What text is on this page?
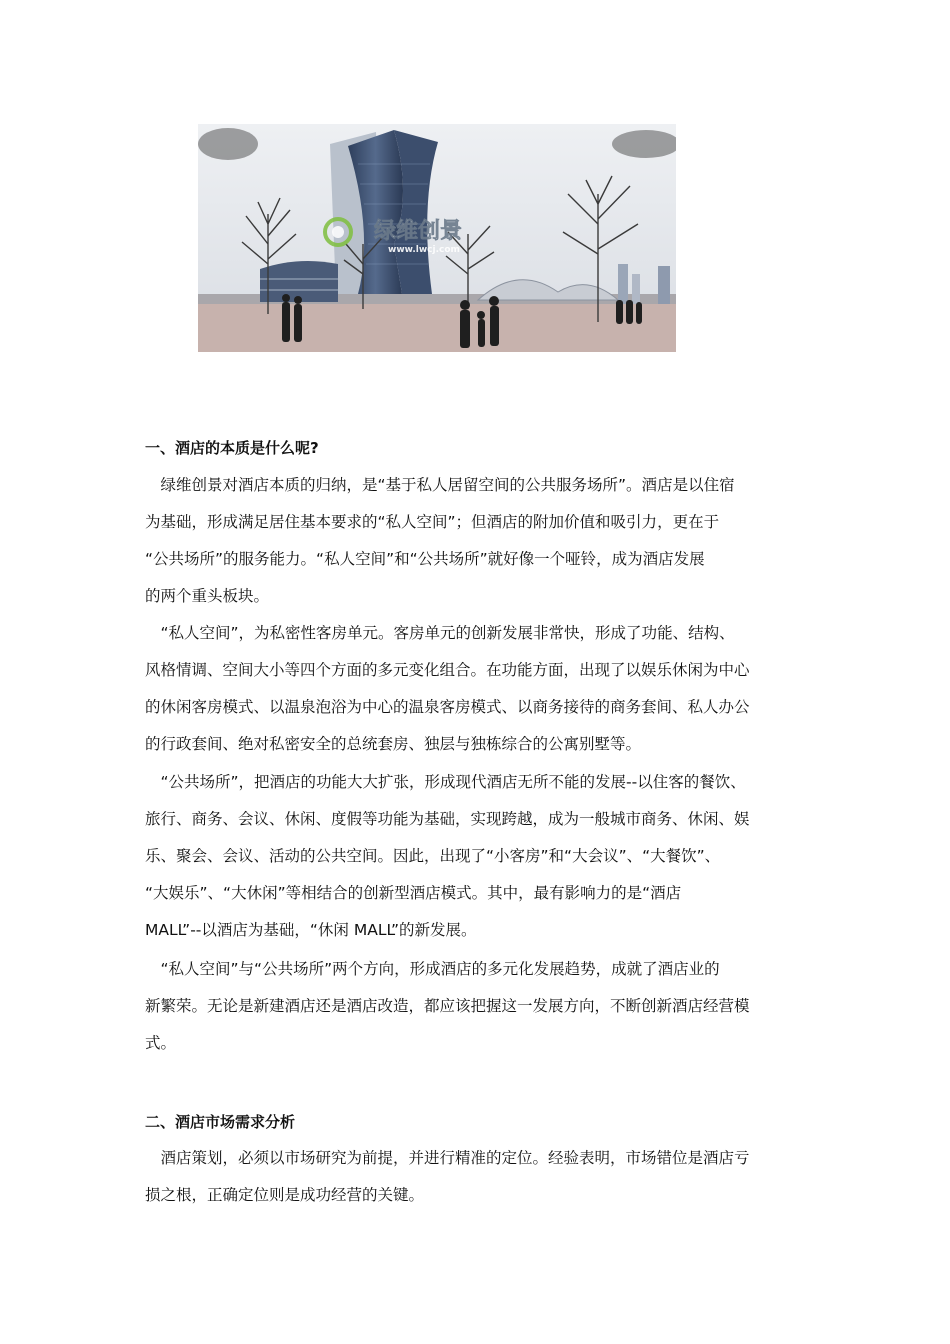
绿维创景
www.lwcj.com
一、酒店的本质是什么呢?
　绿维创景对酒店本质的归纳，是“基于私人居留空间的公共服务场所”。酒店是以住宿
为基础，形成满足居住基本要求的“私人空间”；但酒店的附加价值和吸引力，更在于
“公共场所”的服务能力。“私人空间”和“公共场所”就好像一个哑铃，成为酒店发展
的两个重头板块。
　“私人空间”，为私密性客房单元。客房单元的创新发展非常快，形成了功能、结构、
风格情调、空间大小等四个方面的多元变化组合。在功能方面，出现了以娱乐休闲为中心
的休闲客房模式、以温泉泡浴为中心的温泉客房模式、以商务接待的商务套间、私人办公
的行政套间、绝对私密安全的总统套房、独层与独栋综合的公寓别墅等。
　“公共场所”，把酒店的功能大大扩张，形成现代酒店无所不能的发展--以住客的餐饮、
旅行、商务、会议、休闲、度假等功能为基础，实现跨越，成为一般城市商务、休闲、娱
乐、聚会、会议、活动的公共空间。因此，出现了“小客房”和“大会议”、“大餐饮”、
“大娱乐”、“大休闲”等相结合的创新型酒店模式。其中，最有影响力的是“酒店
MALL”--以酒店为基础，“休闲 MALL”的新发展。
　“私人空间”与“公共场所”两个方向，形成酒店的多元化发展趋势，成就了酒店业的
新繁荣。无论是新建酒店还是酒店改造，都应该把握这一发展方向，不断创新酒店经营模
式。
二、酒店市场需求分析
　酒店策划，必须以市场研究为前提，并进行精准的定位。经验表明，市场错位是酒店亏
损之根，正确定位则是成功经营的关键。
